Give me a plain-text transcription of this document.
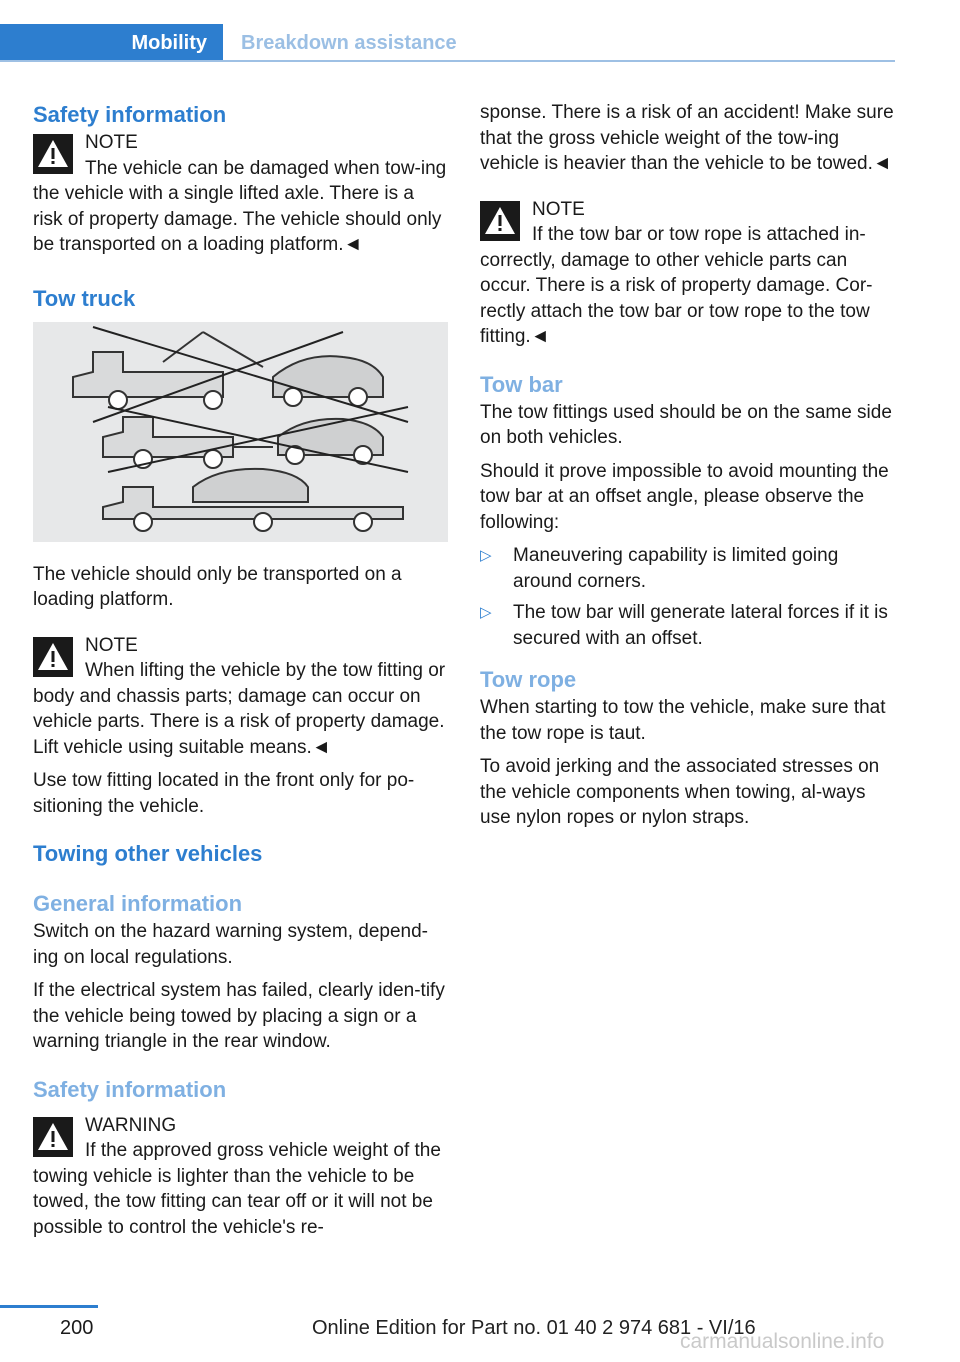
Mobility	Breakdown assistance

Safety information

NOTE

The vehicle can be damaged when tow‐ing the vehicle with a single lifted axle. There is a risk of property damage. The vehicle should only be transported on a loading platform.◄

Tow truck

The vehicle should only be transported on a loading platform.

NOTE

When lifting the vehicle by the tow fitting or body and chassis parts; damage can occur on vehicle parts. There is a risk of property damage. Lift vehicle using suitable means.◄

Use tow fitting located in the front only for po‐sitioning the vehicle.

Towing other vehicles

General information

Switch on the hazard warning system, depend‐ing on local regulations.

If the electrical system has failed, clearly iden‐tify the vehicle being towed by placing a sign or a warning triangle in the rear window.

Safety information

WARNING

If the approved gross vehicle weight of the towing vehicle is lighter than the vehicle to be towed, the tow fitting can tear off or it will not be possible to control the vehicle's re‐

sponse. There is a risk of an accident! Make sure that the gross vehicle weight of the tow‐ing vehicle is heavier than the vehicle to be towed.◄

NOTE

If the tow bar or tow rope is attached in‐correctly, damage to other vehicle parts can occur. There is a risk of property damage. Cor‐rectly attach the tow bar or tow rope to the tow fitting.◄

Tow bar

The tow fittings used should be on the same side on both vehicles.

Should it prove impossible to avoid mounting the tow bar at an offset angle, please observe the following:

▷ Maneuvering capability is limited going around corners.
▷ The tow bar will generate lateral forces if it is secured with an offset.

Tow rope

When starting to tow the vehicle, make sure that the tow rope is taut.

To avoid jerking and the associated stresses on the vehicle components when towing, al‐ways use nylon ropes or nylon straps.

200	Online Edition for Part no. 01 40 2 974 681 - VI/16
carmanualsonline.info
